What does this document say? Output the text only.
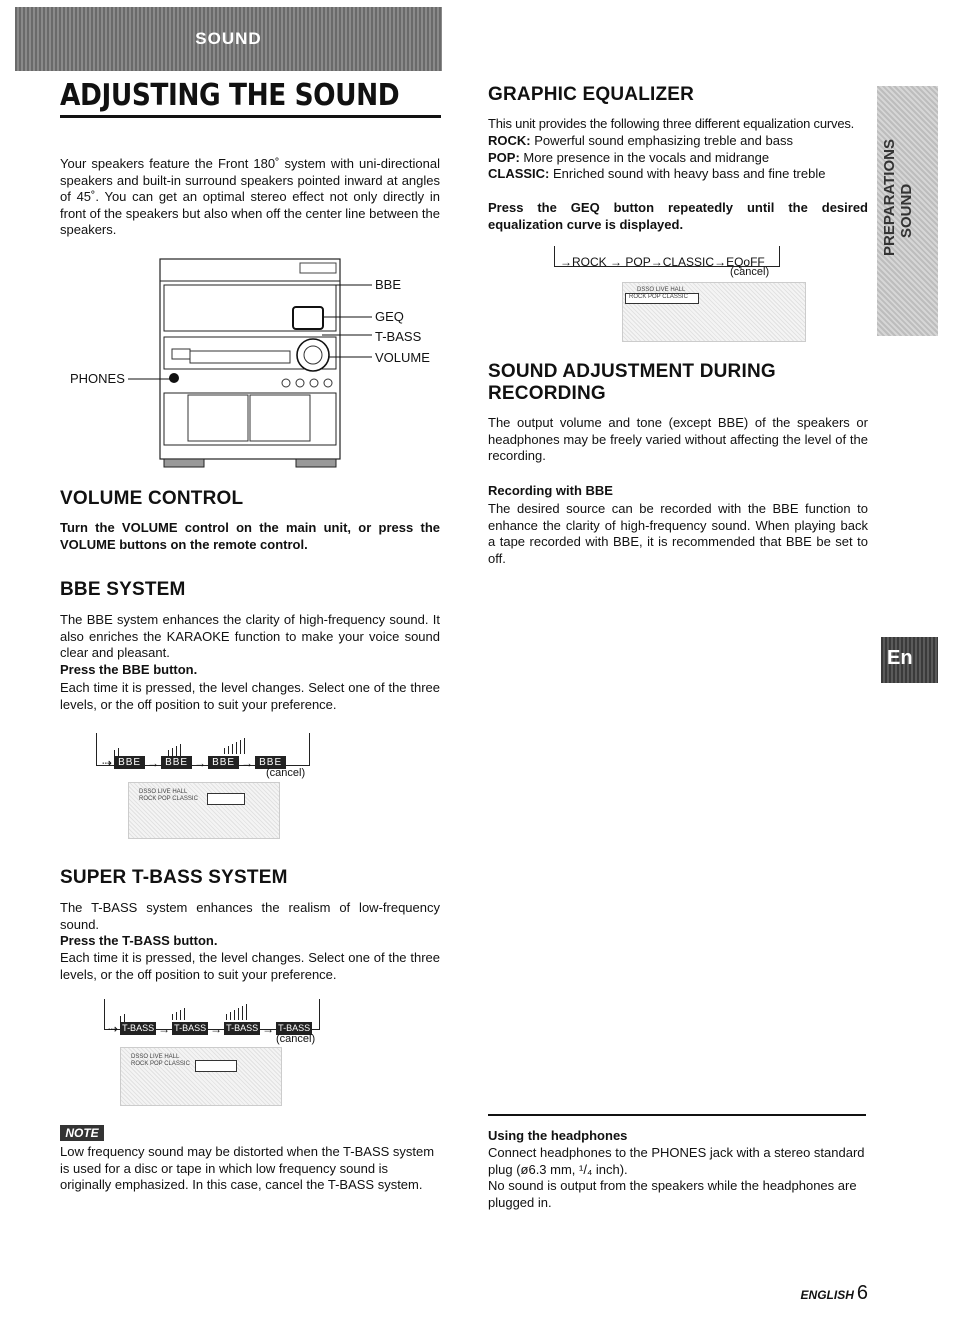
SOUND
ADJUSTING THE SOUND
Your speakers feature the Front 180˚ system with uni-directional speakers and built-in surround speakers pointed inward at angles of 45˚. You can get an optimal stereo effect not only directly in front of the speakers but also when off the center line between the speakers.
BBE
GEQ
T-BASS
VOLUME
PHONES
VOLUME CONTROL
Turn the VOLUME control on the main unit, or press the VOLUME buttons on the remote control.
BBE SYSTEM
The BBE system enhances the clarity of high-frequency sound. It also enriches the KARAOKE function to make your voice sound clear and pleasant.
Press the BBE button.
Each time it is pressed, the level changes. Select one of the three levels, or the off position to suit your preference.
⇢ BBE → BBE → BBE → BBE
(cancel)
DSSO LIVE HALL
ROCK POP CLASSIC
SUPER T-BASS SYSTEM
The T-BASS system enhances the realism of low-frequency sound.
Press the T-BASS button.
Each time it is pressed, the level changes. Select one of the three levels, or the off position to suit your preference.
⇢ T-BASS → T-BASS → T-BASS → T-BASS
(cancel)
DSSO LIVE HALL
ROCK POP CLASSIC
NOTE
Low frequency sound may be distorted when the T-BASS system is used for a disc or tape in which low frequency sound is originally emphasized. In this case, cancel the T-BASS system.
GRAPHIC EQUALIZER
This unit provides the following three different equalization curves.
ROCK: Powerful sound emphasizing treble and bass
POP: More presence in the vocals and midrange
CLASSIC: Enriched sound with heavy bass and fine treble
Press the GEQ button repeatedly until the desired equalization curve is displayed.
→ROCK → POP→CLASSIC→EQoFF
(cancel)
DSSO LIVE HALL
ROCK POP CLASSIC
SOUND ADJUSTMENT DURING RECORDING
The output volume and tone (except BBE) of the speakers or headphones may be freely varied without affecting the level of the recording.
Recording with BBE
The desired source can be recorded with the BBE function to enhance the clarity of high-frequency sound. When playing back a tape recorded with BBE, it is recommended that BBE be set to off.
Using the headphones
Connect headphones to the PHONES jack with a stereo standard plug (ø6.3 mm, ¹/₄ inch).
No sound is output from the speakers while the headphones are plugged in.
PREPARATIONS SOUND
En
ENGLISH 6
